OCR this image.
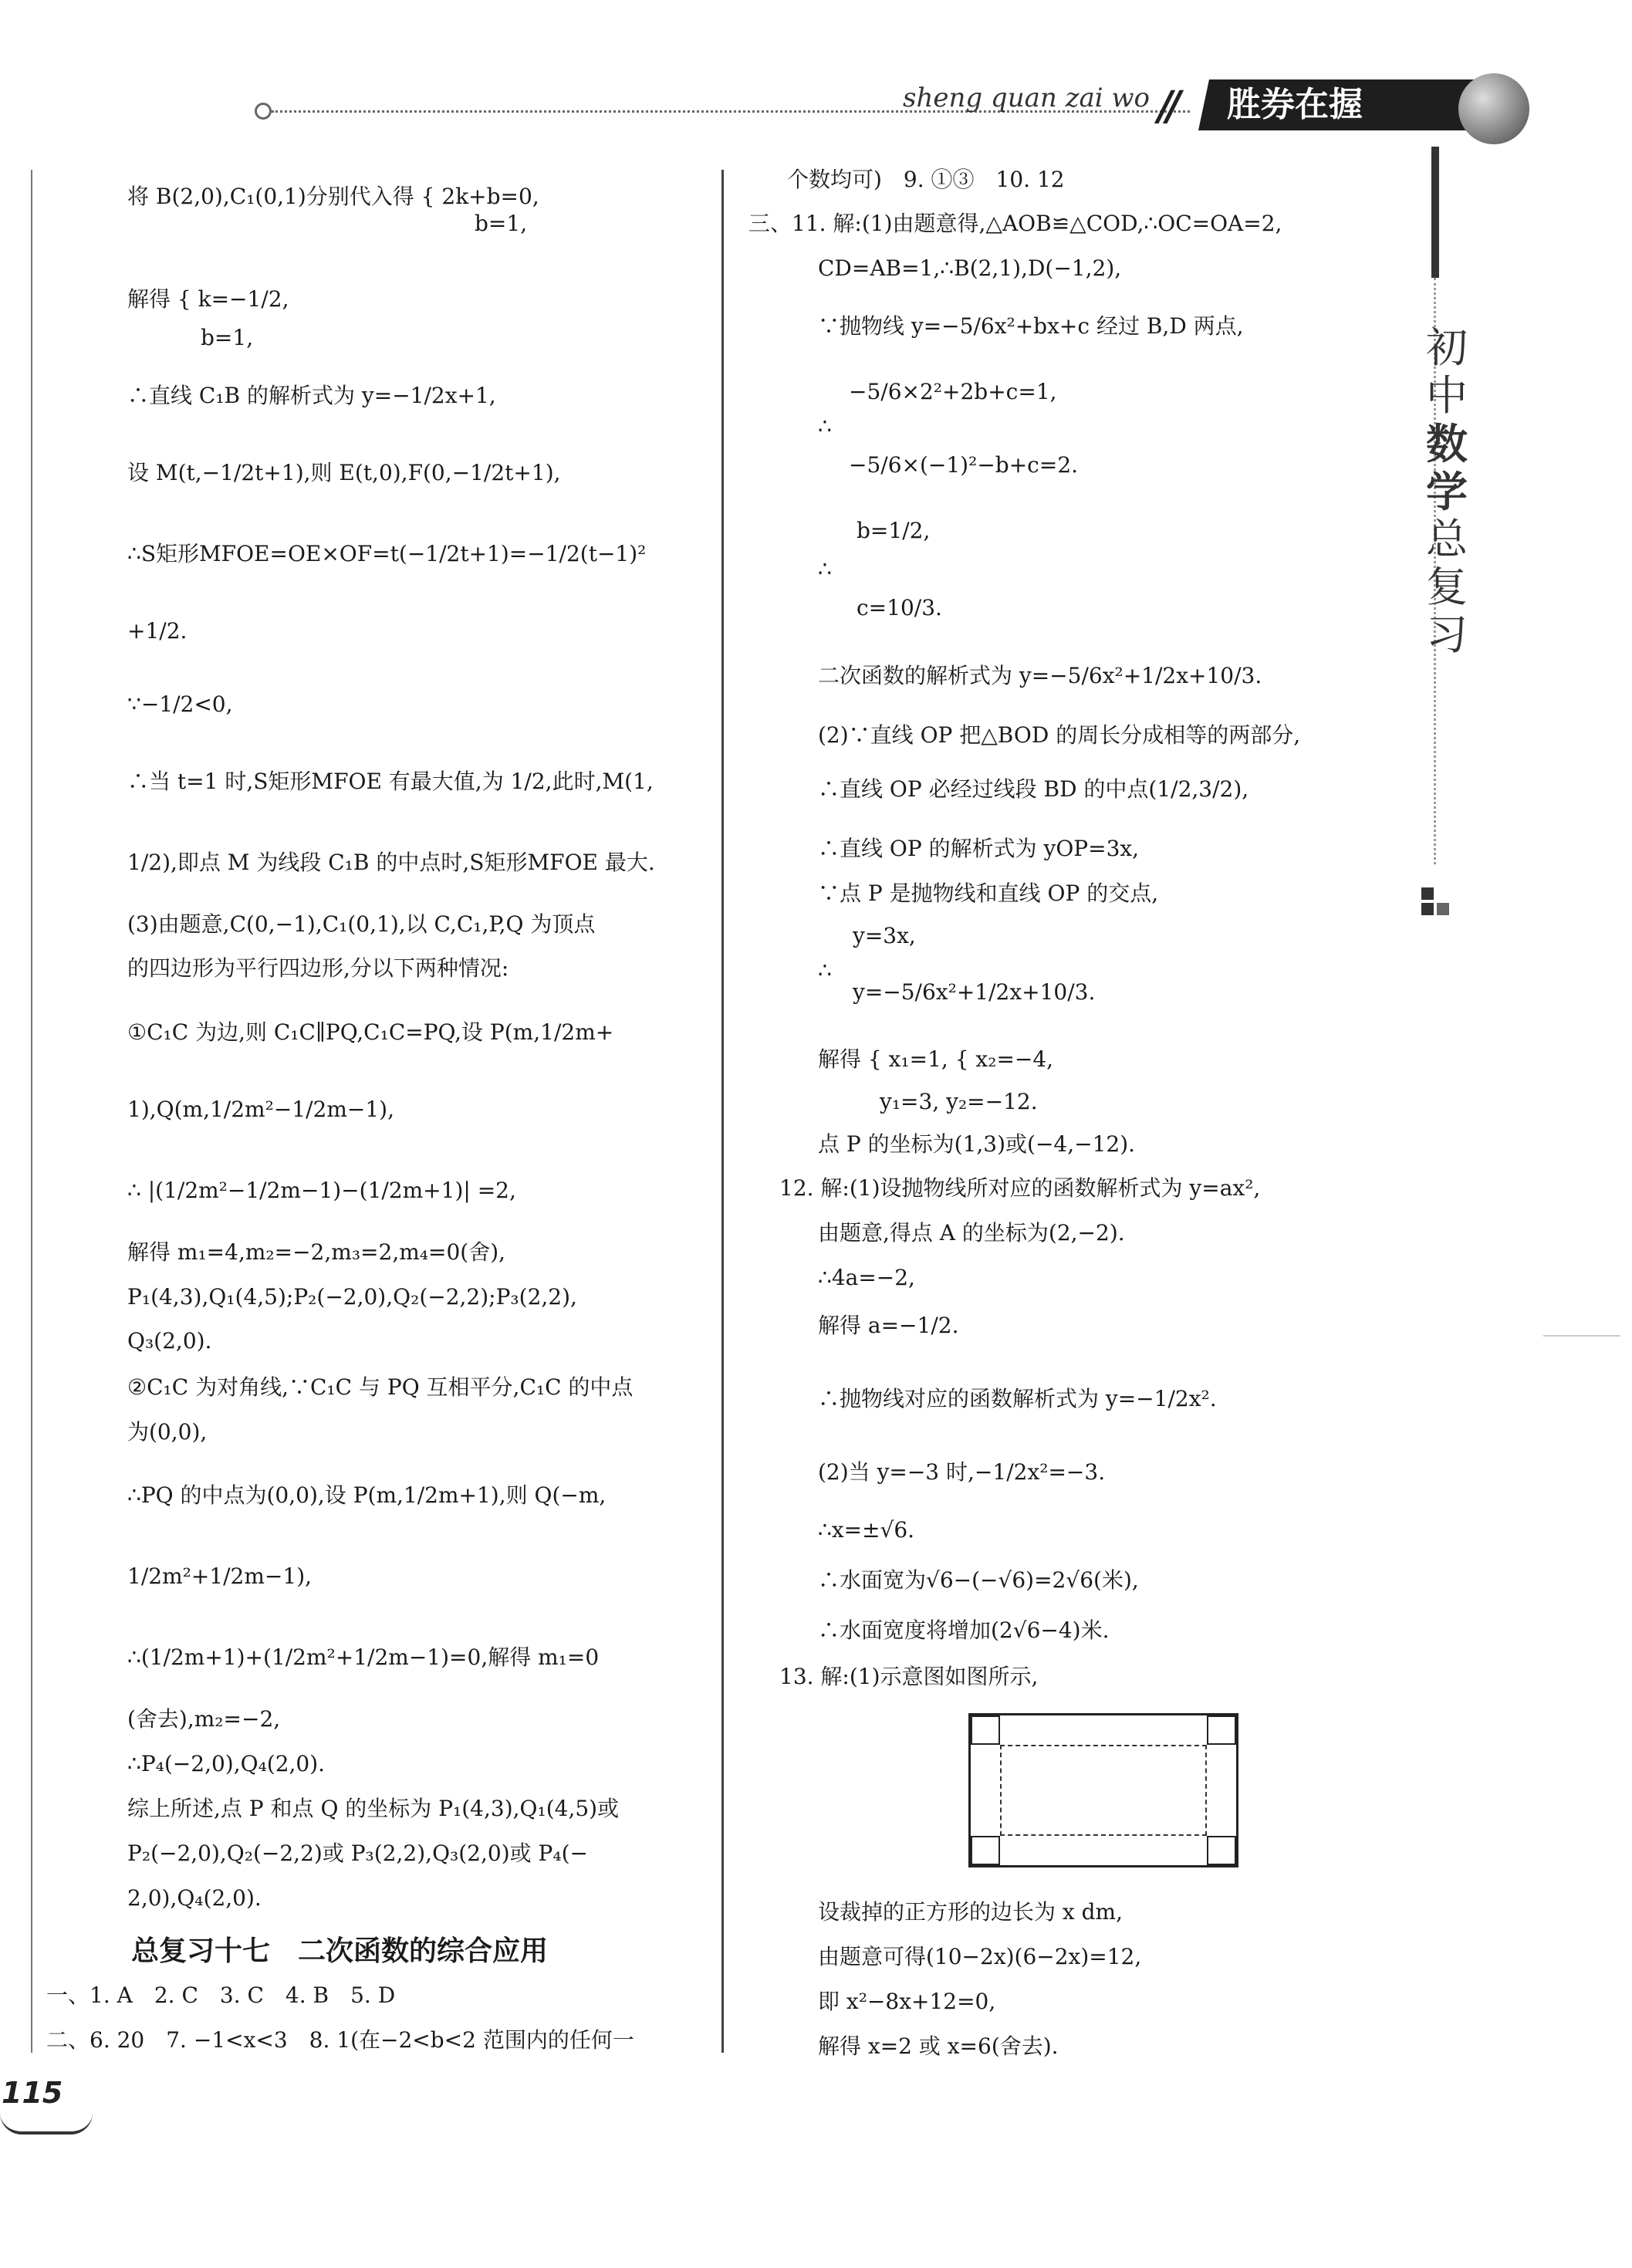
sheng quan zai wo //	胜券在握
初
中
数
学
总
复
习
将 B(2,0),C₁(0,1)分别代入得 { 2k+b=0,
b=1,
解得 { k=−1/2,
b=1,
∴直线 C₁B 的解析式为 y=−1/2x+1,
设 M(t,−1/2t+1),则 E(t,0),F(0,−1/2t+1),
∴S矩形MFOE=OE×OF=t(−1/2t+1)=−1/2(t−1)²
+1/2.
∵−1/2<0,
∴当 t=1 时,S矩形MFOE 有最大值,为 1/2,此时,M(1,
1/2),即点 M 为线段 C₁B 的中点时,S矩形MFOE 最大.
(3)由题意,C(0,−1),C₁(0,1),以 C,C₁,P,Q 为顶点
的四边形为平行四边形,分以下两种情况:
①C₁C 为边,则 C₁C∥PQ,C₁C=PQ,设 P(m,1/2m+
1),Q(m,1/2m²−1/2m−1),
∴ |(1/2m²−1/2m−1)−(1/2m+1)| =2,
解得 m₁=4,m₂=−2,m₃=2,m₄=0(舍),
P₁(4,3),Q₁(4,5);P₂(−2,0),Q₂(−2,2);P₃(2,2),
Q₃(2,0).
②C₁C 为对角线,∵C₁C 与 PQ 互相平分,C₁C 的中点
为(0,0),
∴PQ 的中点为(0,0),设 P(m,1/2m+1),则 Q(−m,
1/2m²+1/2m−1),
∴(1/2m+1)+(1/2m²+1/2m−1)=0,解得 m₁=0
(舍去),m₂=−2,
∴P₄(−2,0),Q₄(2,0).
综上所述,点 P 和点 Q 的坐标为 P₁(4,3),Q₁(4,5)或
P₂(−2,0),Q₂(−2,2)或 P₃(2,2),Q₃(2,0)或 P₄(−
2,0),Q₄(2,0).
总复习十七　二次函数的综合应用
一、1. A　2. C　3. C　4. B　5. D
二、6. 20　7. −1<x<3　8. 1(在−2<b<2 范围内的任何一
个数均可)　9. ①③　10. 12
三、11. 解:(1)由题意得,△AOB≌△COD,∴OC=OA=2,
CD=AB=1,∴B(2,1),D(−1,2),
∵抛物线 y=−5/6x²+bx+c 经过 B,D 两点,
−5/6×2²+2b+c=1,
∴
−5/6×(−1)²−b+c=2.
b=1/2,
∴
c=10/3.
二次函数的解析式为 y=−5/6x²+1/2x+10/3.
(2)∵直线 OP 把△BOD 的周长分成相等的两部分,
∴直线 OP 必经过线段 BD 的中点(1/2,3/2),
∴直线 OP 的解析式为 yOP=3x,
∵点 P 是抛物线和直线 OP 的交点,
y=3x,
∴
y=−5/6x²+1/2x+10/3.
解得 { x₁=1, { x₂=−4,
y₁=3, y₂=−12.
点 P 的坐标为(1,3)或(−4,−12).
12. 解:(1)设抛物线所对应的函数解析式为 y=ax²,
由题意,得点 A 的坐标为(2,−2).
∴4a=−2,
解得 a=−1/2.
∴抛物线对应的函数解析式为 y=−1/2x².
(2)当 y=−3 时,−1/2x²=−3.
∴x=±√6.
∴水面宽为√6−(−√6)=2√6(米),
∴水面宽度将增加(2√6−4)米.
13. 解:(1)示意图如图所示,
设裁掉的正方形的边长为 x dm,
由题意可得(10−2x)(6−2x)=12,
即 x²−8x+12=0,
解得 x=2 或 x=6(舍去).
115
